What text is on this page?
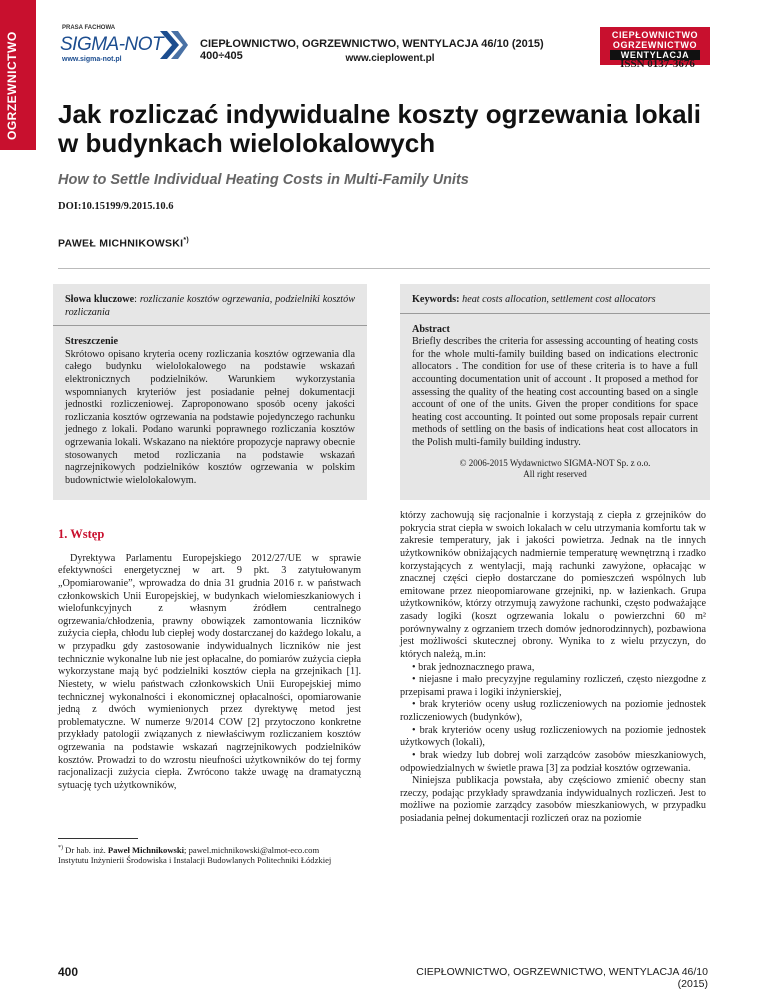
OGRZEWNICTWO
PRASA FACHOWA
SIGMA-NOT
www.sigma-not.pl
CIEPŁOWNICTWO, OGRZEWNICTWO, WENTYLACJA 46/10 (2015) 400÷405	www.cieplowent.pl
CIEPŁOWNICTWO
OGRZEWNICTWO
WENTYLACJA
ISSN 0137-3676
Jak rozliczać indywidualne koszty ogrzewania lokali
w budynkach wielolokalowych
How to Settle Individual Heating Costs in Multi-Family Units
DOI:10.15199/9.2015.10.6
PAWEŁ MICHNIKOWSKI*)
Słowa kluczowe: rozliczanie kosztów ogrzewania, podzielniki kosztów rozliczania
Streszczenie
Skrótowo opisano kryteria oceny rozliczania kosztów ogrzewania dla całego budynku wielolokalowego na podstawie wskazań elektronicznych podzielników. Warunkiem wykorzystania wspomnianych kryteriów jest posiadanie pełnej dokumentacji jednostki rozliczeniowej. Zaproponowano sposób oceny jakości rozliczania kosztów ogrzewania na podstawie pojedynczego rachunku jednego z lokali. Podano warunki poprawnego rozliczania kosztów ogrzewania lokali. Wskazano na niektóre propozycje naprawy obecnie stosowanych metod rozliczania na podstawie wskazań nagrzejnikowych podzielników kosztów ogrzewania w polskim budownictwie wielolokalowym.
Keywords: heat costs allocation, settlement cost allocators
Abstract
Briefly describes the criteria for assessing accounting of heating costs for the whole multi-family building based on indications electronic allocators . The condition for use of these criteria is to have a full accounting documentation unit of account . It proposed a method for assessing the quality of the heating cost accounting based on a single account of one of the units. Given the proper conditions for space heating cost accounting. It pointed out some proposals repair current methods of settling on the basis of indications heat cost allocators in the Polish multi-family building industry.
© 2006-2015 Wydawnictwo SIGMA-NOT Sp. z o.o.
All right reserved

1. Wstęp

Dyrektywa Parlamentu Europejskiego 2012/27/UE w sprawie efektywności energetycznej w art. 9 pkt. 3 zatytułowanym „Opomiarowanie”, wprowadza do dnia 31 grudnia 2016 r. w państwach członkowskich Unii Europejskiej, w budynkach wielomieszkaniowych i wielofunkcyjnych z własnym źródłem centralnego ogrzewania/chłodzenia, prawny obowiązek zamontowania liczników zużycia ciepła, chłodu lub ciepłej wody dostarczanej do każdego lokalu, a w przypadku gdy zastosowanie indywidualnych liczników nie jest technicznie wykonalne lub nie jest opłacalne, do pomiarów zużycia ciepła wykorzystane mają być podzielniki kosztów ciepła na grzejnikach [1]. Niestety, w wielu państwach członkowskich Unii Europejskiej mimo technicznej wykonalności i ekonomicznej opłacalności, opomiarowanie jedną z dwóch wymienionych przez dyrektywę metod jest problematyczne. W numerze 9/2014 COW [2] przytoczono konkretne przykłady patologii związanych z niewłaściwym rozliczaniem kosztów ogrzewania na podstawie wskazań nagrzejnikowych podzielników kosztów. Prowadzi to do wzrostu nieufności użytkowników do tej formy racjonalizacji zużycia ciepła. Zwrócono także uwagę na dramatyczną sytuację tych użytkowników,

którzy zachowują się racjonalnie i korzystają z ciepła z grzejników do pokrycia strat ciepła w swoich lokalach w celu utrzymania komfortu tak w zakresie temperatury, jak i jakości powietrza. Jednak na tle innych użytkowników obniżających nadmiernie temperaturę wewnętrzną i rzadko korzystających z wentylacji, mają rachunki zawyżone, opłacając w znacznej części ciepło dostarczane do pomieszczeń wspólnych lub emitowane przez nieopomiarowane grzejniki, np. w łazienkach. Grupa użytkowników, którzy otrzymują zawyżone rachunki, często podważające zasady logiki (koszt ogrzewania lokalu o powierzchni 60 m² porównywalny z ogrzaniem trzech domów jednorodzinnych), pozbawiona jest możliwości skutecznej obrony. Wynika to z wielu przyczyn, do których należą, m.in:

• brak jednoznacznego prawa,

• niejasne i mało precyzyjne regulaminy rozliczeń, często niezgodne z przepisami prawa i logiki inżynierskiej,

• brak kryteriów oceny usług rozliczeniowych na poziomie jednostek rozliczeniowych (budynków),

• brak kryteriów oceny usług rozliczeniowych na poziomie jednostek użytkowych (lokali),

• brak wiedzy lub dobrej woli zarządców zasobów mieszkaniowych, odpowiedzialnych w świetle prawa [3] za podział kosztów ogrzewania.

Niniejsza publikacja powstała, aby częściowo zmienić obecny stan rzeczy, podając przykłady sprawdzania indywidualnych rozliczeń. Jest to możliwe na poziomie zarządcy zasobów mieszkaniowych, w przypadku posiadania pełnej dokumentacji rozliczeń oraz na poziomie

*) Dr hab. inż. Paweł Michnikowski; pawel.michnikowski@almot-eco.com
Instytutu Inżynierii Środowiska i Instalacji Budowlanych Politechniki Łódzkiej
400	CIEPŁOWNICTWO, OGRZEWNICTWO, WENTYLACJA 46/10 (2015)
